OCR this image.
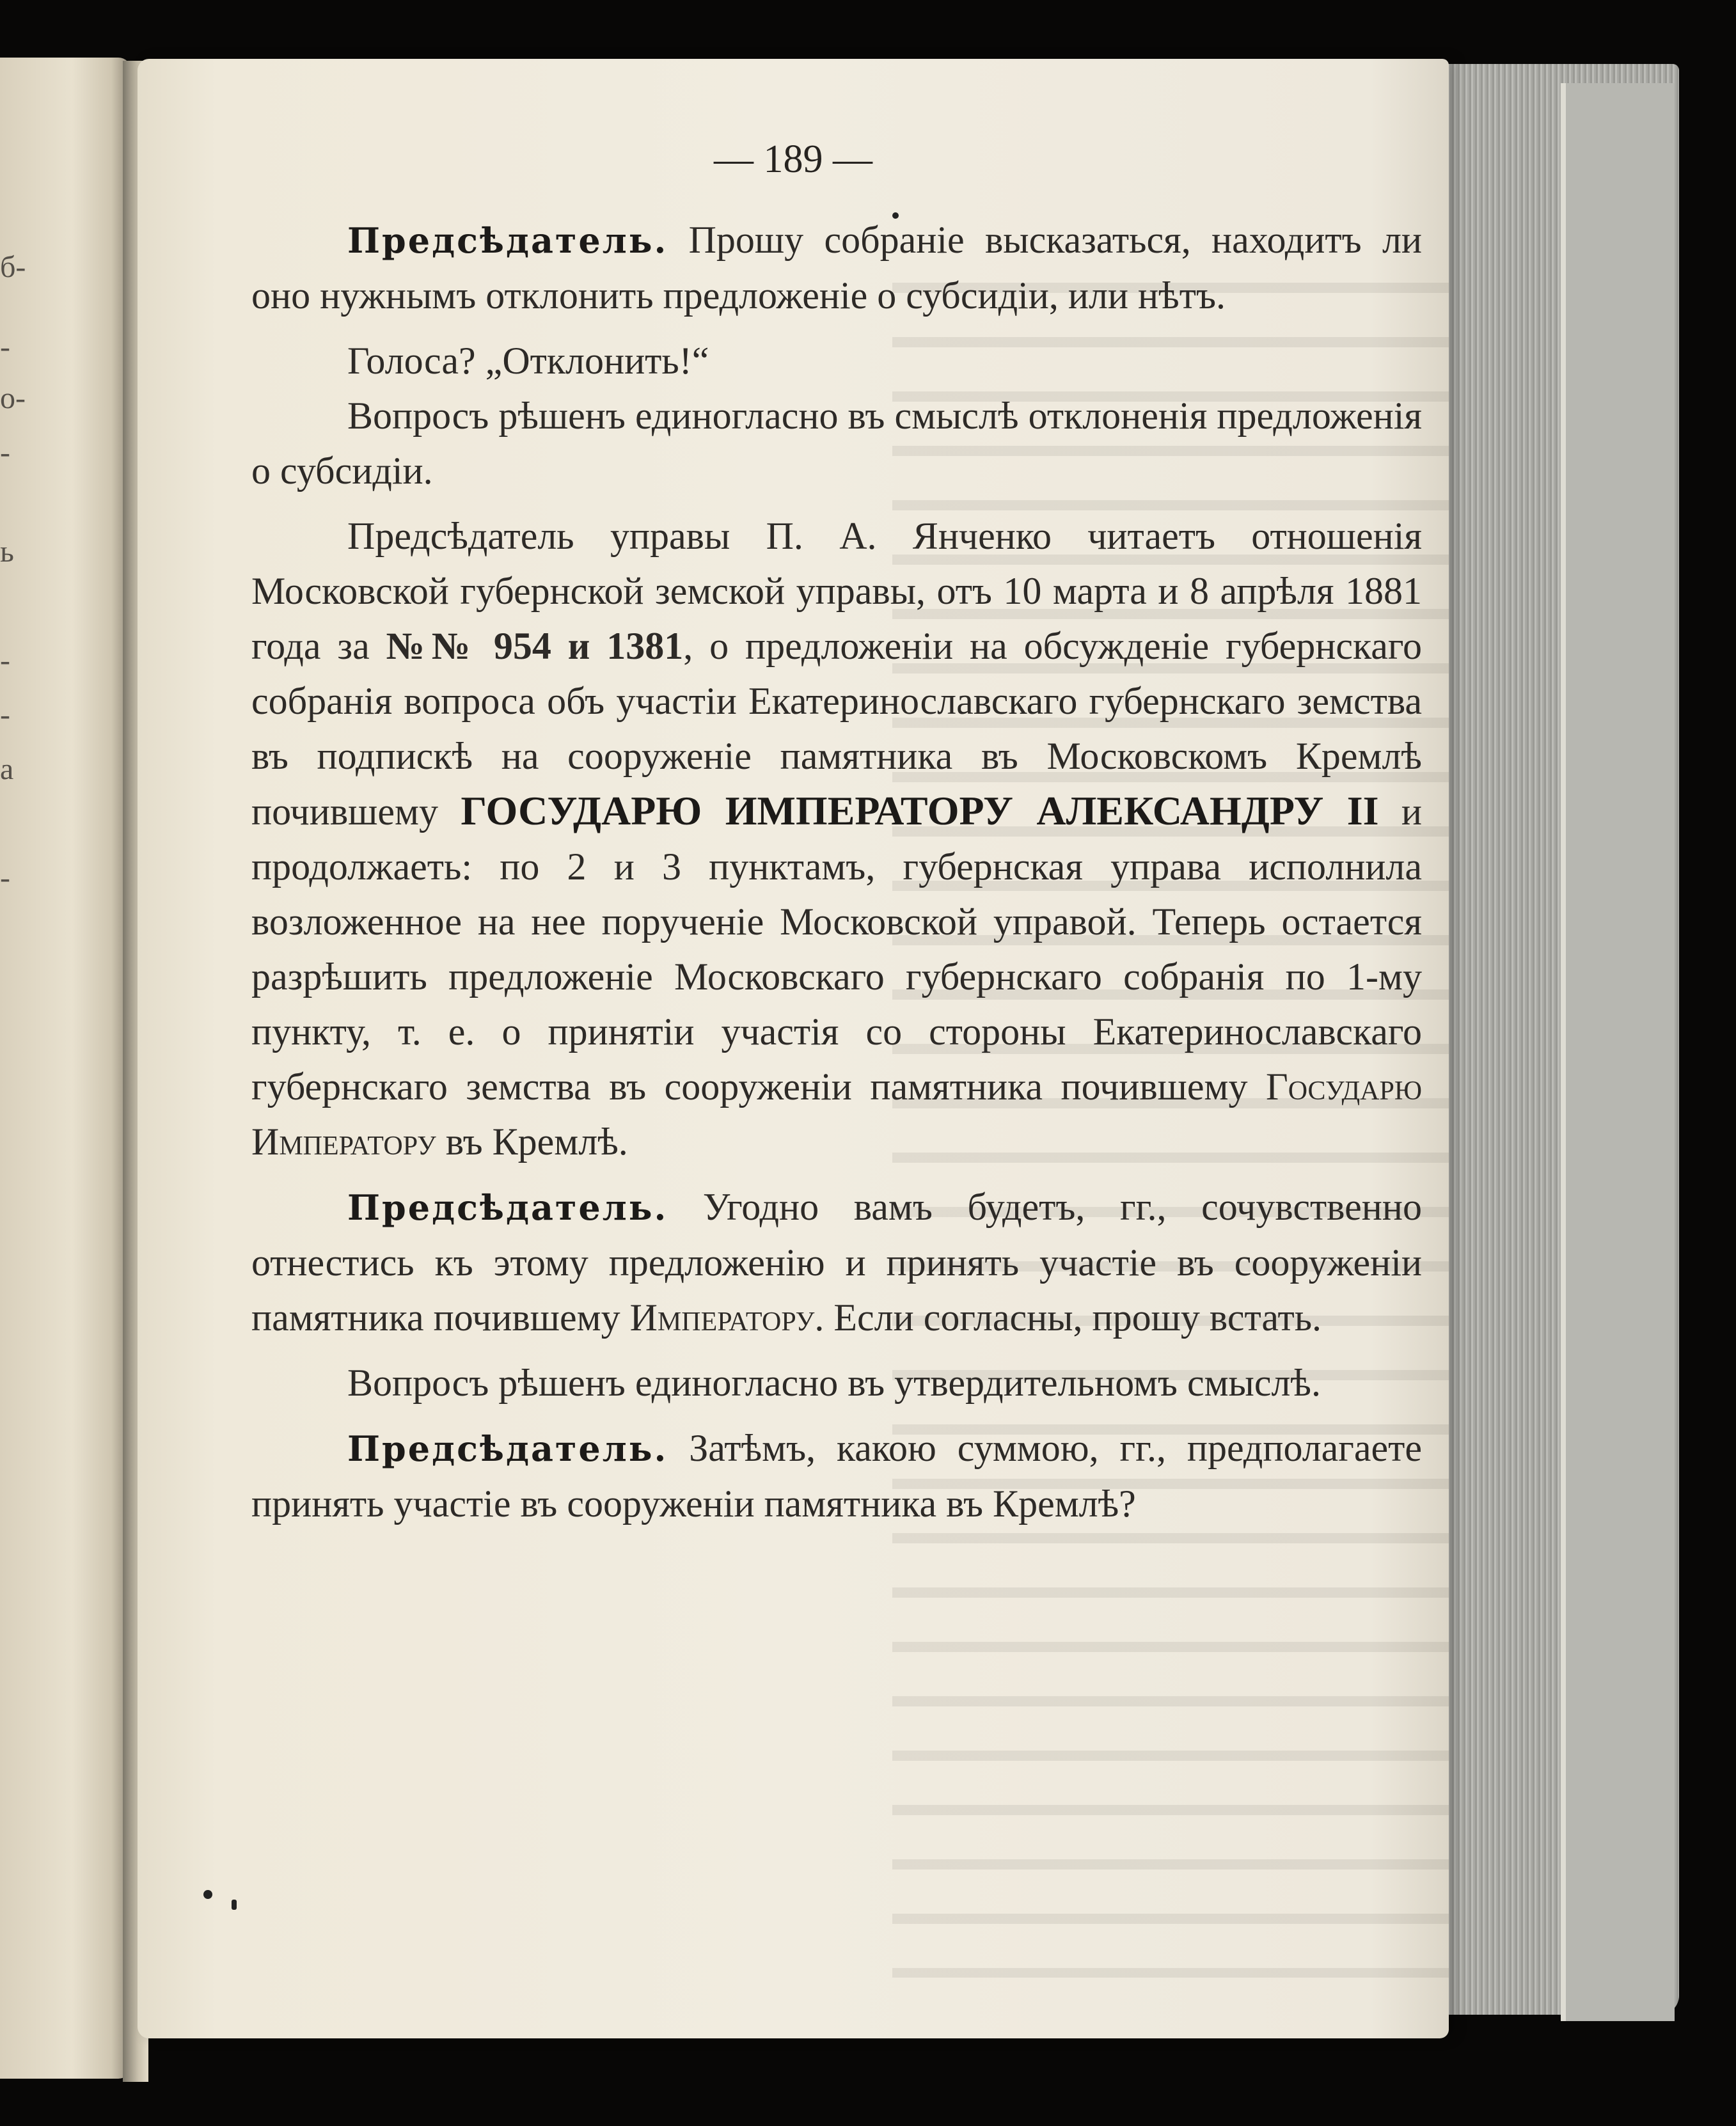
б-
-
о-
-
ь
-
-
а
-
— 189 —

Предсѣдатель. Прошу собраніе высказаться, находитъ ли оно нужнымъ отклонить предложеніе о субсидіи, или нѣтъ.

Голоса? „Отклонить!“

Вопросъ рѣшенъ единогласно въ смыслѣ отклоненія предложенія о субсидіи.

Предсѣдатель управы П. А. Янченко читаетъ отношенія Московской губернской земской управы, отъ 10 марта и 8 апрѣля 1881 года за №№ 954 и 1381, о предложеніи на обсужденіе губернскаго собранія вопроса объ участіи Екатеринославскаго губернскаго земства въ подпискѣ на сооруженіе памятника въ Московскомъ Кремлѣ почившему ГОСУДАРЮ ИМПЕРАТОРУ АЛЕКСАНДРУ II и продолжаеть: по 2 и 3 пунктамъ, губернская управа исполнила возложенное на нее порученіе Московской управой. Теперь остается разрѣшить предложеніе Московскаго губернскаго собранія по 1-му пункту, т. е. о принятіи участія со стороны Екатеринославскаго губернскаго земства въ сооруженіи памятника почившему Государю Императору въ Кремлѣ.

Предсѣдатель. Угодно вамъ будетъ, гг., сочувственно отнестись къ этому предложенію и принять участіе въ сооруженіи памятника почившему Императору. Если согласны, прошу встать.

Вопросъ рѣшенъ единогласно въ утвердительномъ смыслѣ.

Предсѣдатель. Затѣмъ, какою суммою, гг., предполагаете принять участіе въ сооруженіи памятника въ Кремлѣ?
